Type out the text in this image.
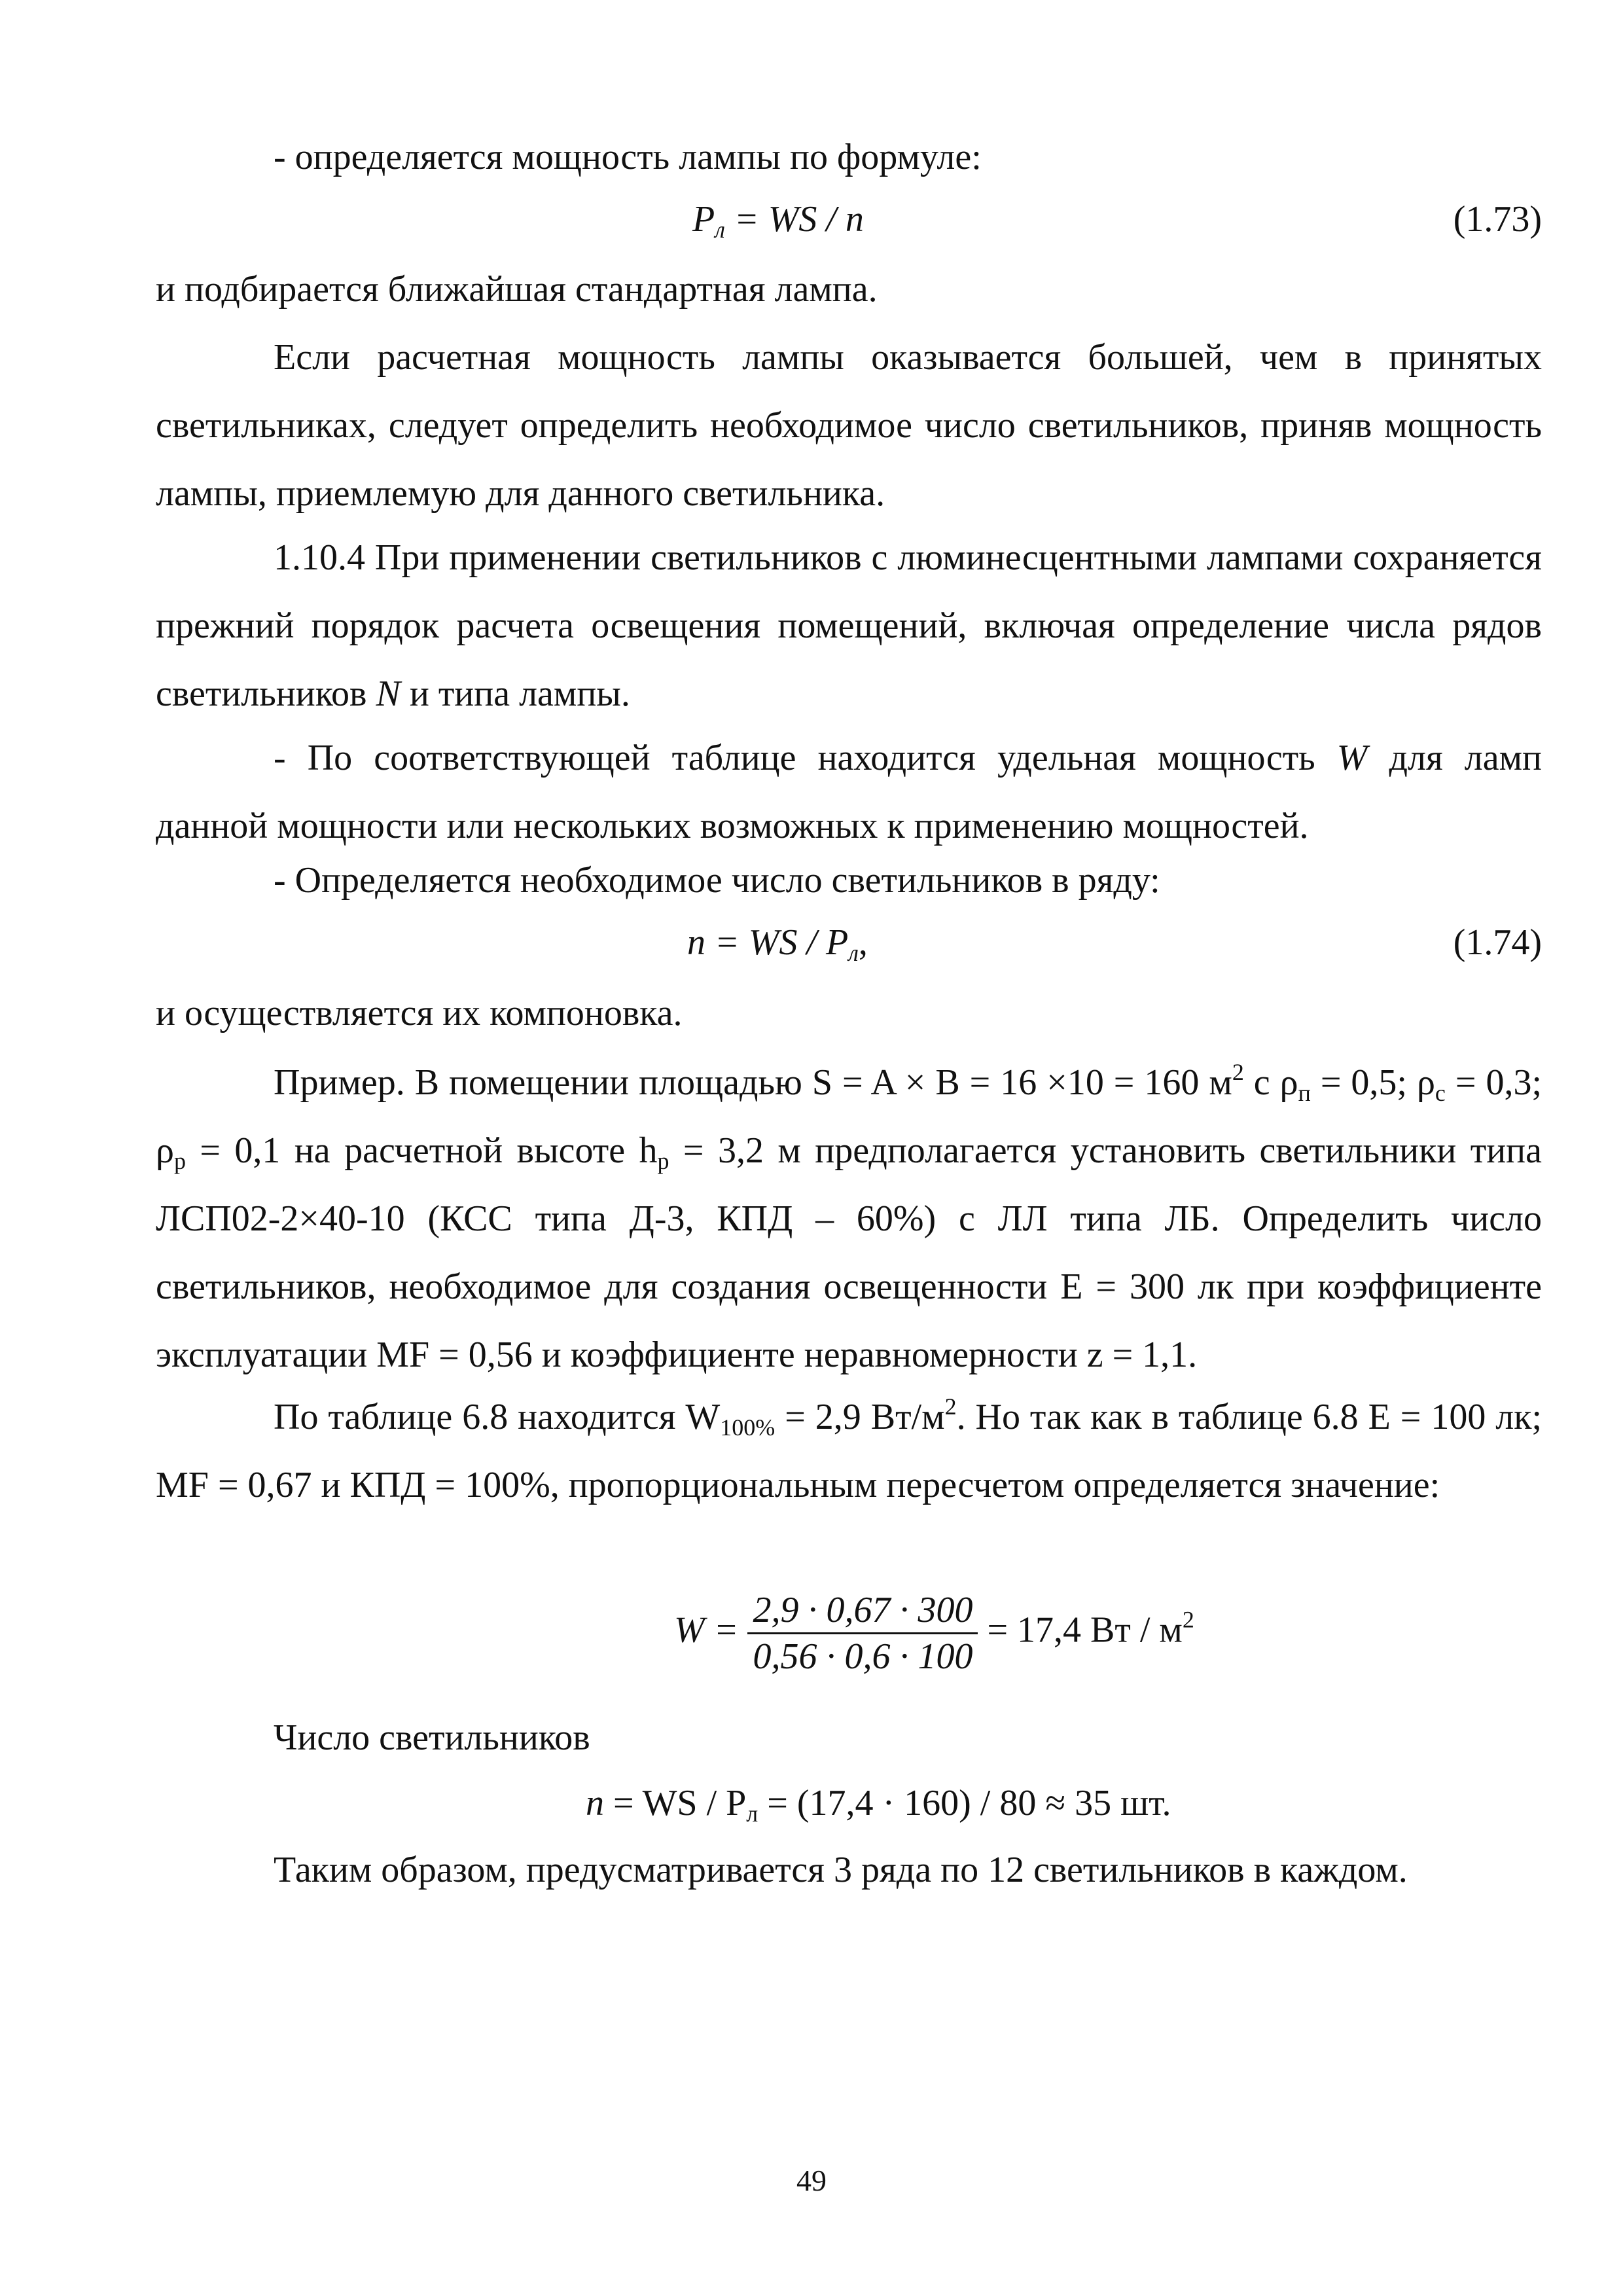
- определяется мощность лампы по формуле:

$P_л$ = WS / n	(1.73)

и подбирается ближайшая стандартная лампа.

Если расчетная мощность лампы оказывается большей, чем в принятых светильниках, следует определить необходимое число светильников, приняв мощность лампы, приемлемую для данного светильника.

1.10.4 При применении светильников с люминесцентными лампами сохраняется прежний порядок расчета освещения помещений, включая определение числа рядов светильников N и типа лампы.

- По соответствующей таблице находится удельная мощность W для ламп данной мощности или нескольких возможных к применению мощностей.

- Определяется необходимое число светильников в ряду:

n = WS / $P_л$,	(1.74)

и осуществляется их компоновка.

Пример. В помещении площадью S = A × B = 16 ×10 = 160 $м^2$ с $\rho_п = 0,5$; $\rho_с = 0,3$; $\rho_р = 0,1$ на расчетной высоте $h_р = 3,2$ м предполагается установить светильники типа ЛСП02-2×40-10 (КСС типа Д-3, КПД – 60%) с ЛЛ типа ЛБ. Определить число светильников, необходимое для создания освещенности E = 300 лк при коэффициенте эксплуатации MF = 0,56 и коэффициенте неравномерности z = 1,1.

По таблице 6.8 находится $W_{100\%} = 2,9$ $Вт/м^2$. Но так как в таблице 6.8 E = 100 лк; MF = 0,67 и КПД = 100%, пропорциональным пересчетом определяется значение:

$W = \frac{2,9 \cdot 0,67 \cdot 300}{0,56 \cdot 0,6 \cdot 100} = 17,4$ Вт / $м^2$

Число светильников

n = WS / $P_л = (17,4 \cdot 160) / 80 \approx 35$ шт.

Таким образом, предусматривается 3 ряда по 12 светильников в каждом.

49
